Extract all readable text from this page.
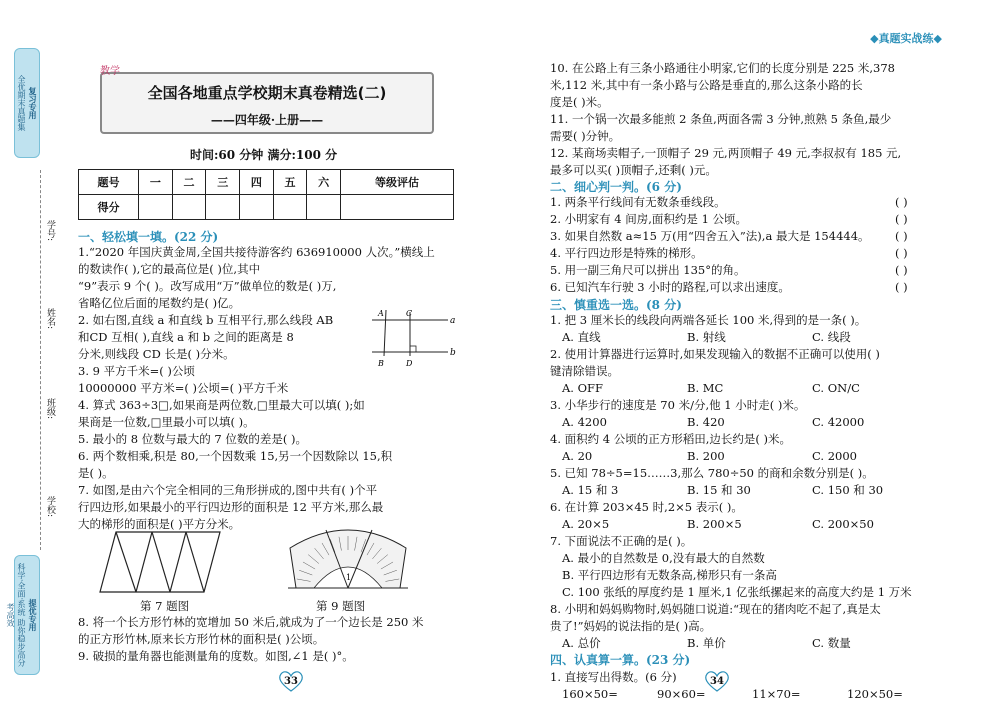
复习专用
全优期末真题集
提优专用
科学·全面·系统 助你稳步高分考高效
学号:
姓名:
班级:
学校:
教学
全国各地重点学校期末真卷精选(二)
——四年级·上册——
时间:60 分钟 满分:100 分
题号	一	二	三	四	五	六	等级评估
得分							
一、轻松填一填。(22 分)
1.“2020 年国庆黄金周,全国共接待游客约 636910000 人次。”横线上
的数读作( ),它的最高位是( )位,其中
“9”表示 9 个( )。改写成用“万”做单位的数是( )万,
省略亿位后面的尾数约是( )亿。
2. 如右图,直线 a 和直线 b 互相平行,那么线段 AB
和CD 互相( ),直线 a 和 b 之间的距离是 8
分米,则线段 CD 长是( )分米。
3. 9 平方千米=( )公顷
10000000 平方米=( )公顷=( )平方千米
4. 算式 363÷3□,如果商是两位数,□里最大可以填( );如
果商是一位数,□里最小可以填( )。
5. 最小的 8 位数与最大的 7 位数的差是( )。
6. 两个数相乘,积是 80,一个因数乘 15,另一个因数除以 15,积
是( )。
7. 如图,是由六个完全相同的三角形拼成的,图中共有( )个平
行四边形,如果最小的平行四边形的面积是 12 平方米,那么最
大的梯形的面积是( )平方分米。
a
b
A
B
C
D
第 7 题图
1
第 9 题图
8. 将一个长方形竹林的宽增加 50 米后,就成为了一个边长是 250 米
的正方形竹林,原来长方形竹林的面积是( )公顷。
9. 破损的量角器也能测量角的度数。如图,∠1 是( )°。
33
◆真题实战练◆
10. 在公路上有三条小路通往小明家,它们的长度分别是 225 米,378
米,112 米,其中有一条小路与公路是垂直的,那么这条小路的长
度是( )米。
11. 一个锅一次最多能煎 2 条鱼,两面各需 3 分钟,煎熟 5 条鱼,最少
需要( )分钟。
12. 某商场卖帽子,一顶帽子 29 元,两顶帽子 49 元,李叔叔有 185 元,
最多可以买( )顶帽子,还剩( )元。
二、细心判一判。(6 分)
1. 两条平行线间有无数条垂线段。	( )
2. 小明家有 4 间房,面积约是 1 公顷。	( )
3. 如果自然数 a≈15 万(用“四舍五入”法),a 最大是 154444。 ( )
4. 平行四边形是特殊的梯形。	( )
5. 用一副三角尺可以拼出 135°的角。	( )
6. 已知汽车行驶 3 小时的路程,可以求出速度。	( )
三、慎重选一选。(8 分)
1. 把 3 厘米长的线段向两端各延长 100 米,得到的是一条( )。
A. 直线	B. 射线	C. 线段
2. 使用计算器进行运算时,如果发现输入的数据不正确可以使用( )
键清除错误。
A. OFF	B. MC	C. ON/C
3. 小华步行的速度是 70 米/分,他 1 小时走( )米。
A. 4200	B. 420	C. 42000
4. 面积约 4 公顷的正方形稻田,边长约是( )米。
A. 20	B. 200	C. 2000
5. 已知 78÷5=15……3,那么 780÷50 的商和余数分别是( )。
A. 15 和 3	B. 15 和 30	C. 150 和 30
6. 在计算 203×45 时,2×5 表示( )。
A. 20×5	B. 200×5	C. 200×50
7. 下面说法不正确的是( )。
A. 最小的自然数是 0,没有最大的自然数
B. 平行四边形有无数条高,梯形只有一条高
C. 100 张纸的厚度约是 1 厘米,1 亿张纸摞起来的高度大约是 1 万米
8. 小明和妈妈购物时,妈妈随口说道:“现在的猪肉吃不起了,真是太
贵了!”妈妈的说法指的是( )高。
A. 总价	B. 单价	C. 数量
四、认真算一算。(23 分)
1. 直接写出得数。(6 分)
160×50=	90×60=	11×70=	120×50=
34
